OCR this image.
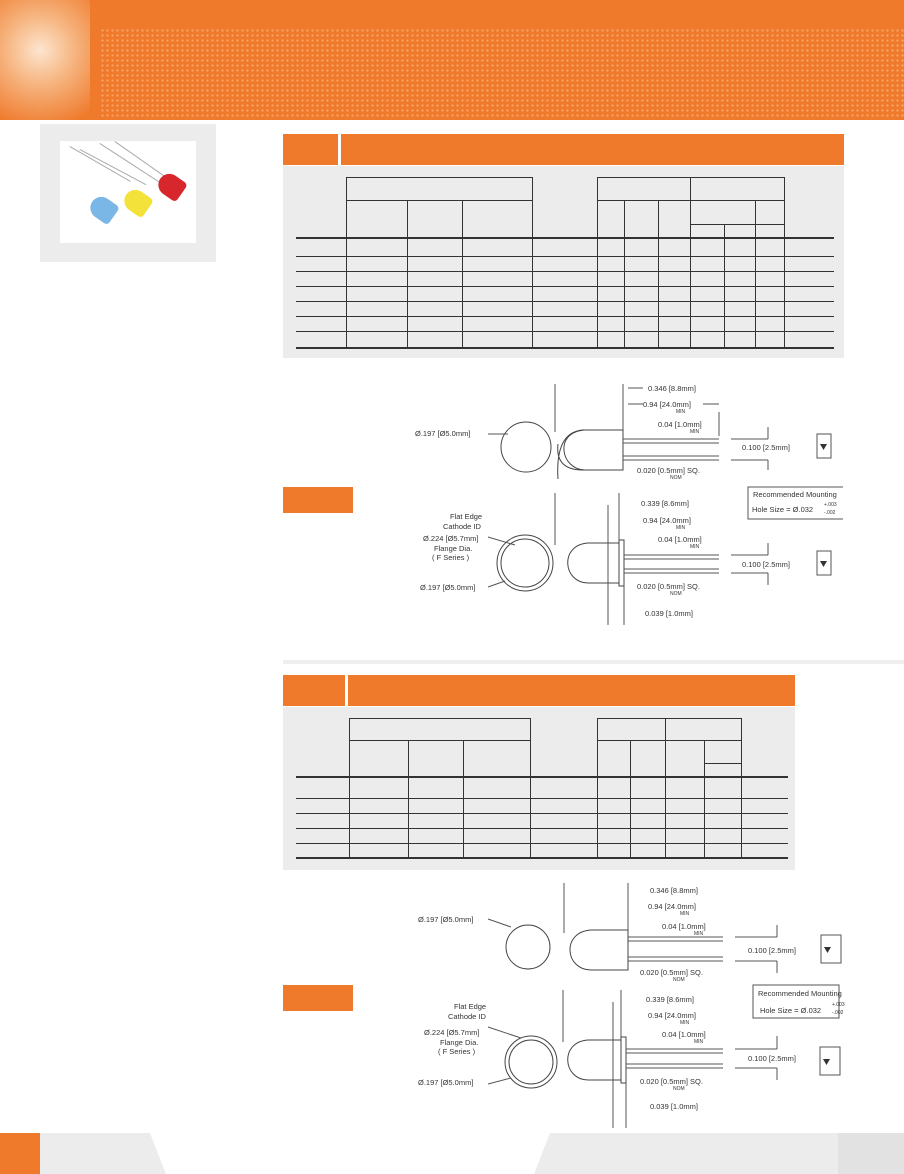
0.346 [8.8mm]
0.94 [24.0mm]
MIN
0.04 [1.0mm]
MIN
Ø.197 [Ø5.0mm]
0.100 [2.5mm]
0.020 [0.5mm] SQ.
NOM
Recommended Mounting
Hole Size = Ø.032 +.003
-.002
Flat Edge
Cathode ID
Ø.224 [Ø5.7mm]
Flange Dia.
( F Series )
Ø.197 [Ø5.0mm]
0.339 [8.6mm]
0.94 [24.0mm]
MIN
0.04 [1.0mm]
MIN
0.100 [2.5mm]
0.020 [0.5mm] SQ.
NOM
0.039 [1.0mm]
0.346 [8.8mm]
0.94 [24.0mm]
MIN
0.04 [1.0mm]
MIN
Ø.197 [Ø5.0mm]
0.100 [2.5mm]
0.020 [0.5mm] SQ.
NOM
Recommended Mounting
Hole Size = Ø.032
+.003
-.002
Flat Edge
Cathode ID
Ø.224 [Ø5.7mm]
Flange Dia.
( F Series )
Ø.197 [Ø5.0mm]
0.339 [8.6mm]
0.94 [24.0mm]
MIN
0.04 [1.0mm]
MIN
0.100 [2.5mm]
0.020 [0.5mm] SQ.
NOM
0.039 [1.0mm]
